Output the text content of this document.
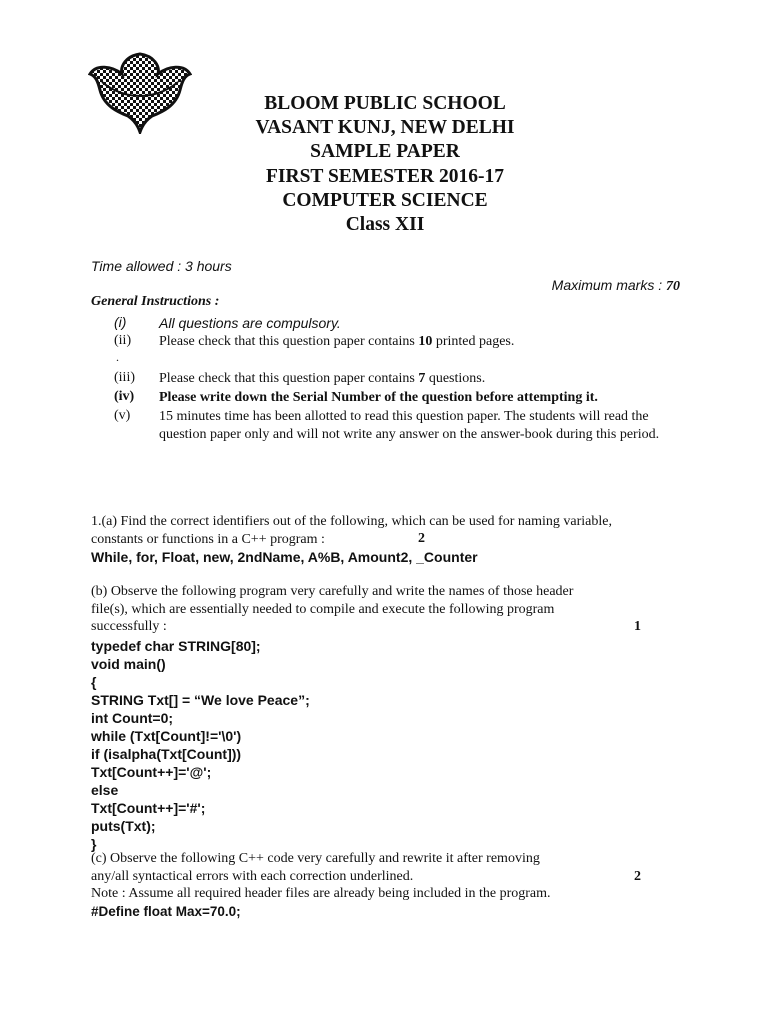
BLOOM PUBLIC SCHOOL
VASANT KUNJ, NEW DELHI
SAMPLE PAPER
FIRST SEMESTER 2016-17
COMPUTER SCIENCE
Class XII
Time allowed : 3 hours
Maximum marks : 70
General Instructions :
(i) All questions are compulsory.
(ii) Please check that this question paper contains 10 printed pages.
.
(iii) Please check that this question paper contains 7 questions.
(iv) Please write down the Serial Number of the question before attempting it.
(v) 15 minutes time has been allotted to read this question paper. The students will read the question paper only and will not write any answer on the answer-book during this period.
1.(a) Find the correct identifiers out of the following, which can be used for naming variable,
constants or functions in a C++ program :	2
While, for, Float, new, 2ndName, A%B, Amount2, _Counter
(b) Observe the following program very carefully and write the names of those header
file(s), which are essentially needed to compile and execute the following program
successfully :	1
typedef char STRING[80];
void main()
{
STRING Txt[] = “We love Peace”;
int Count=0;
while (Txt[Count]!='\0')
if (isalpha(Txt[Count]))
Txt[Count++]='@';
else
Txt[Count++]='#';
puts(Txt);
}
(c) Observe the following C++ code very carefully and rewrite it after removing
any/all syntactical errors with each correction underlined.
Note : Assume all required header files are already being included in the program.
2
#Define float Max=70.0;
